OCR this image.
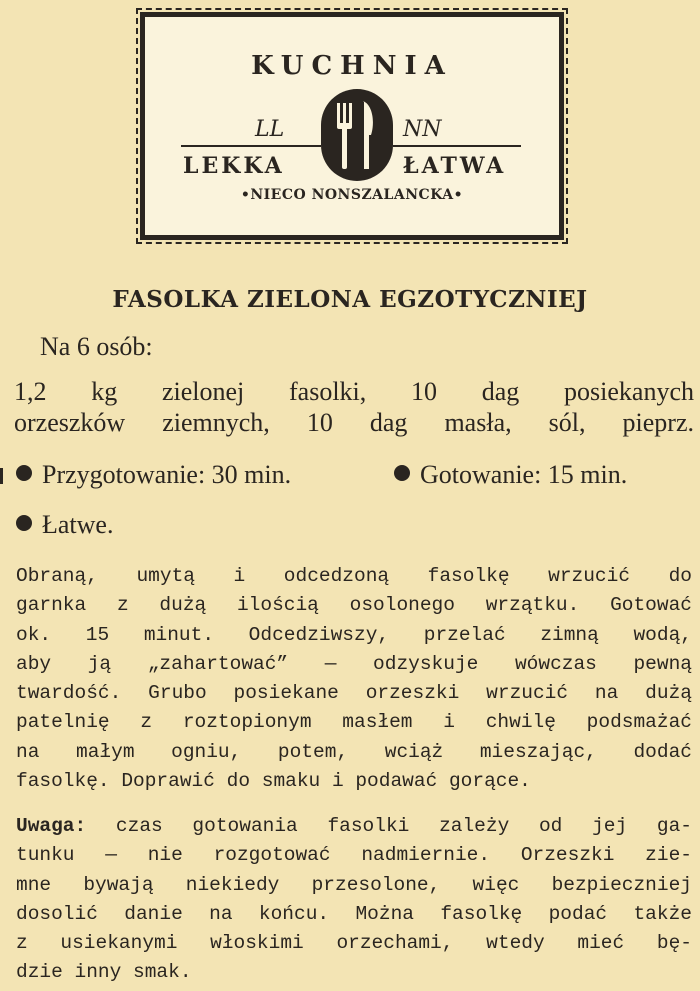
KUCHNIA
LL	NN
LEKKA	ŁATWA
•NIECO NONSZALANCKA•
FASOLKA ZIELONA EGZOTYCZNIEJ
Na 6 osób:
1,2 kg zielonej fasolki, 10 dag posiekanych
orzeszków ziemnych, 10 dag masła, sól, pieprz.
Przygotowanie: 30 min.	Gotowanie: 15 min.
Łatwe.
Obraną, umytą i odcedzoną fasolkę wrzucić do
garnka z dużą ilością osolonego wrzątku. Gotować
ok. 15 minut. Odcedziwszy, przelać zimną wodą,
aby ją „zahartować” — odzyskuje wówczas pewną
twardość. Grubo posiekane orzeszki wrzucić na dużą
patelnię z roztopionym masłem i chwilę podsmażać
na małym ogniu, potem, wciąż mieszając, dodać
fasolkę. Doprawić do smaku i podawać gorące.
Uwaga: czas gotowania fasolki zależy od jej ga-
tunku — nie rozgotować nadmiernie. Orzeszki zie-
mne bywają niekiedy przesolone, więc bezpieczniej
dosolić danie na końcu. Można fasolkę podać także
z usiekanymi włoskimi orzechami, wtedy mieć bę-
dzie inny smak.
